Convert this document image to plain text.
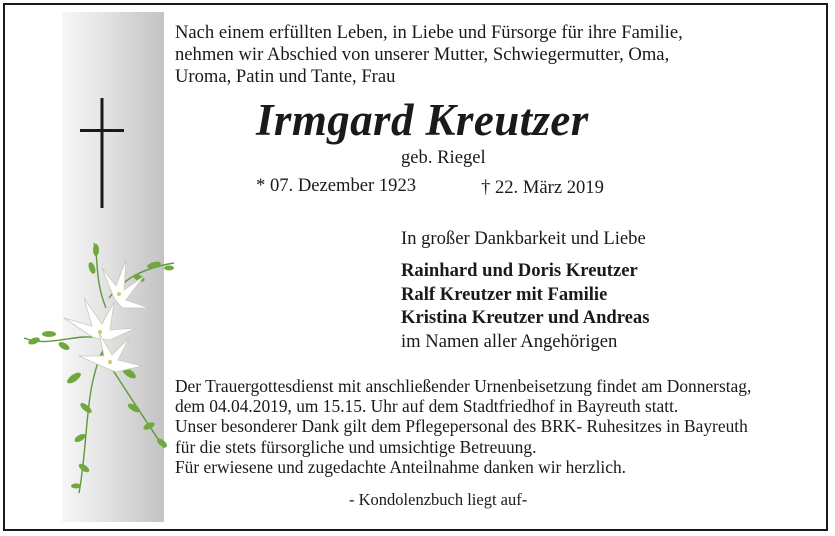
Nach einem erfüllten Leben, in Liebe und Fürsorge für ihre Familie,
nehmen wir Abschied von unserer Mutter, Schwiegermutter, Oma,
Uroma, Patin und Tante, Frau
Irmgard Kreutzer
geb. Riegel
* 07. Dezember 1923	† 22. März 2019
In großer Dankbarkeit und Liebe
Rainhard und Doris Kreutzer
Ralf Kreutzer mit Familie
Kristina Kreutzer und Andreas
im Namen aller Angehörigen
Der Trauergottesdienst mit anschließender Urnenbeisetzung findet am Donnerstag,
dem 04.04.2019, um 15.15. Uhr auf dem Stadtfriedhof in Bayreuth statt.
Unser besonderer Dank gilt dem Pflegepersonal des BRK- Ruhesitzes in Bayreuth
für die stets fürsorgliche und umsichtige Betreuung.
Für erwiesene und zugedachte Anteilnahme danken wir herzlich.
- Kondolenzbuch liegt auf-
